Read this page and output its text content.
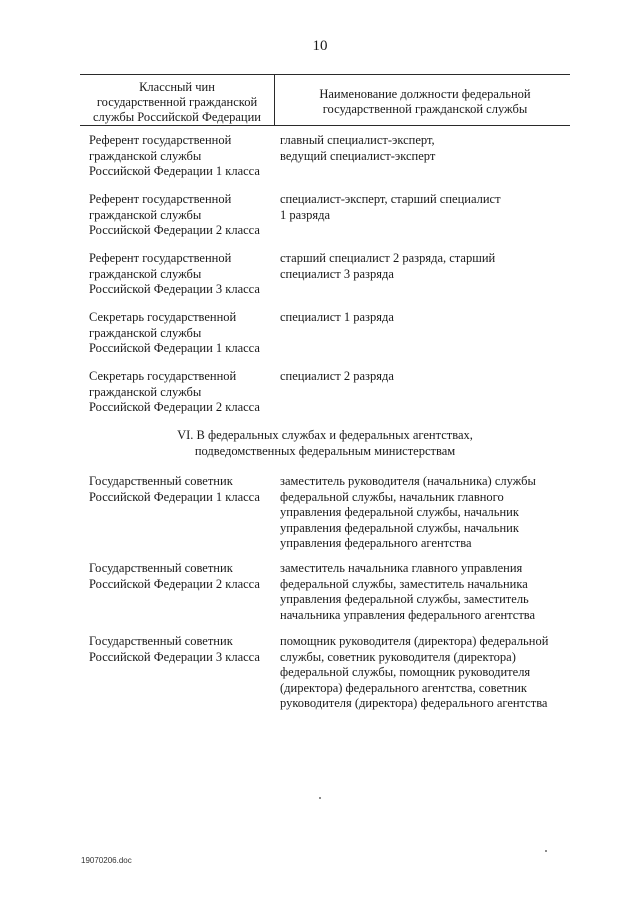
10
Классный чин
государственной гражданской
службы Российской Федерации
Наименование должности федеральной
государственной гражданской службы
Референт государственной
гражданской службы
Российской Федерации 1 класса
главный специалист-эксперт,
ведущий специалист-эксперт
Референт государственной
гражданской службы
Российской Федерации 2 класса
специалист-эксперт, старший специалист
1 разряда
Референт государственной
гражданской службы
Российской Федерации 3 класса
старший специалист 2 разряда, старший
специалист 3 разряда
Секретарь государственной
гражданской службы
Российской Федерации 1 класса
специалист 1 разряда
Секретарь государственной
гражданской службы
Российской Федерации 2 класса
специалист 2 разряда
VI. В федеральных службах и федеральных агентствах,
подведомственных федеральным министерствам
Государственный советник
Российской Федерации 1 класса
заместитель руководителя (начальника) службы
федеральной службы, начальник главного
управления федеральной службы, начальник
управления федеральной службы, начальник
управления федерального агентства
Государственный советник
Российской Федерации 2 класса
заместитель начальника главного управления
федеральной службы, заместитель начальника
управления федеральной службы, заместитель
начальника управления федерального агентства
Государственный советник
Российской Федерации 3 класса
помощник руководителя (директора) федеральной
службы, советник руководителя (директора)
федеральной службы, помощник руководителя
(директора) федерального агентства, советник
руководителя (директора) федерального агентства
19070206.doc
